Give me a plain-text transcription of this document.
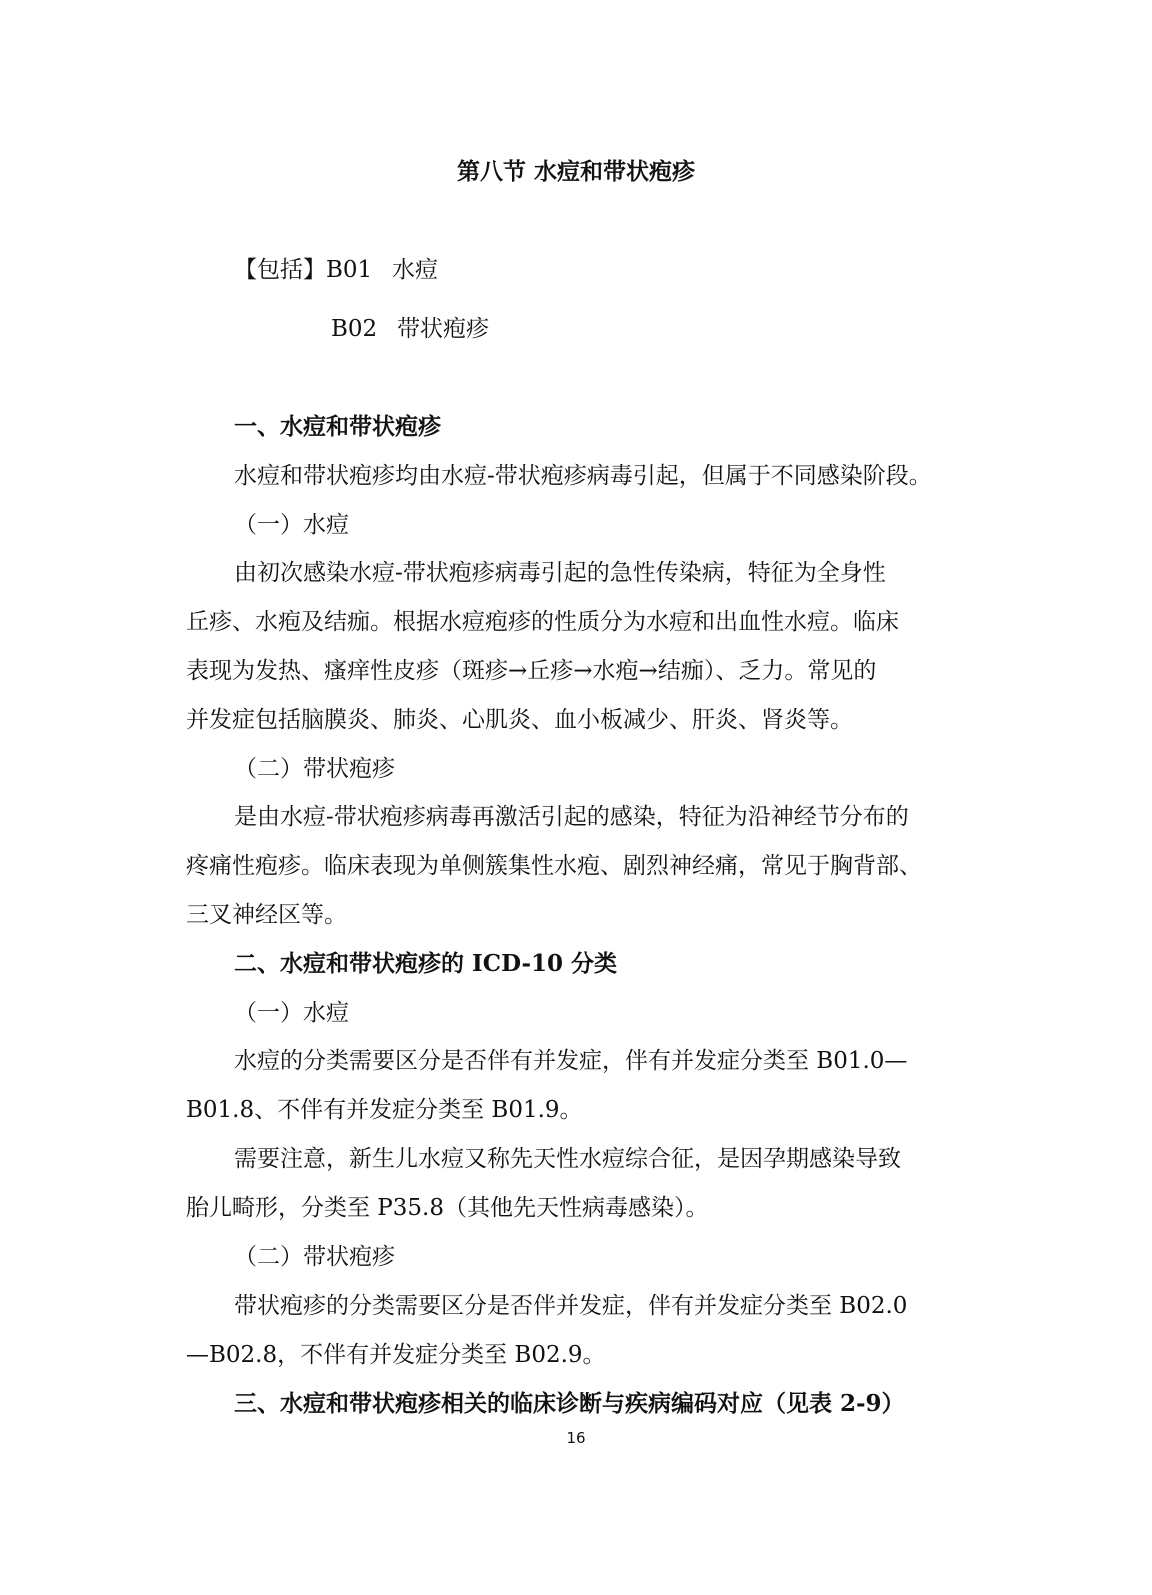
第八节 水痘和带状疱疹
【包括】B01 水痘
B02 带状疱疹
一、水痘和带状疱疹
水痘和带状疱疹均由水痘-带状疱疹病毒引起，但属于不同感染阶段。
（一）水痘
由初次感染水痘-带状疱疹病毒引起的急性传染病，特征为全身性
丘疹、水疱及结痂。根据水痘疱疹的性质分为水痘和出血性水痘。临床
表现为发热、瘙痒性皮疹（斑疹→丘疹→水疱→结痂）、乏力。常见的
并发症包括脑膜炎、肺炎、心肌炎、血小板减少、肝炎、肾炎等。
（二）带状疱疹
是由水痘-带状疱疹病毒再激活引起的感染，特征为沿神经节分布的
疼痛性疱疹。临床表现为单侧簇集性水疱、剧烈神经痛，常见于胸背部、
三叉神经区等。
二、水痘和带状疱疹的 ICD-10 分类
（一）水痘
水痘的分类需要区分是否伴有并发症，伴有并发症分类至 B01.0—
B01.8、不伴有并发症分类至 B01.9。
需要注意，新生儿水痘又称先天性水痘综合征，是因孕期感染导致
胎儿畸形，分类至 P35.8（其他先天性病毒感染）。
（二）带状疱疹
带状疱疹的分类需要区分是否伴并发症，伴有并发症分类至 B02.0
—B02.8，不伴有并发症分类至 B02.9。
三、水痘和带状疱疹相关的临床诊断与疾病编码对应（见表 2-9）
16
